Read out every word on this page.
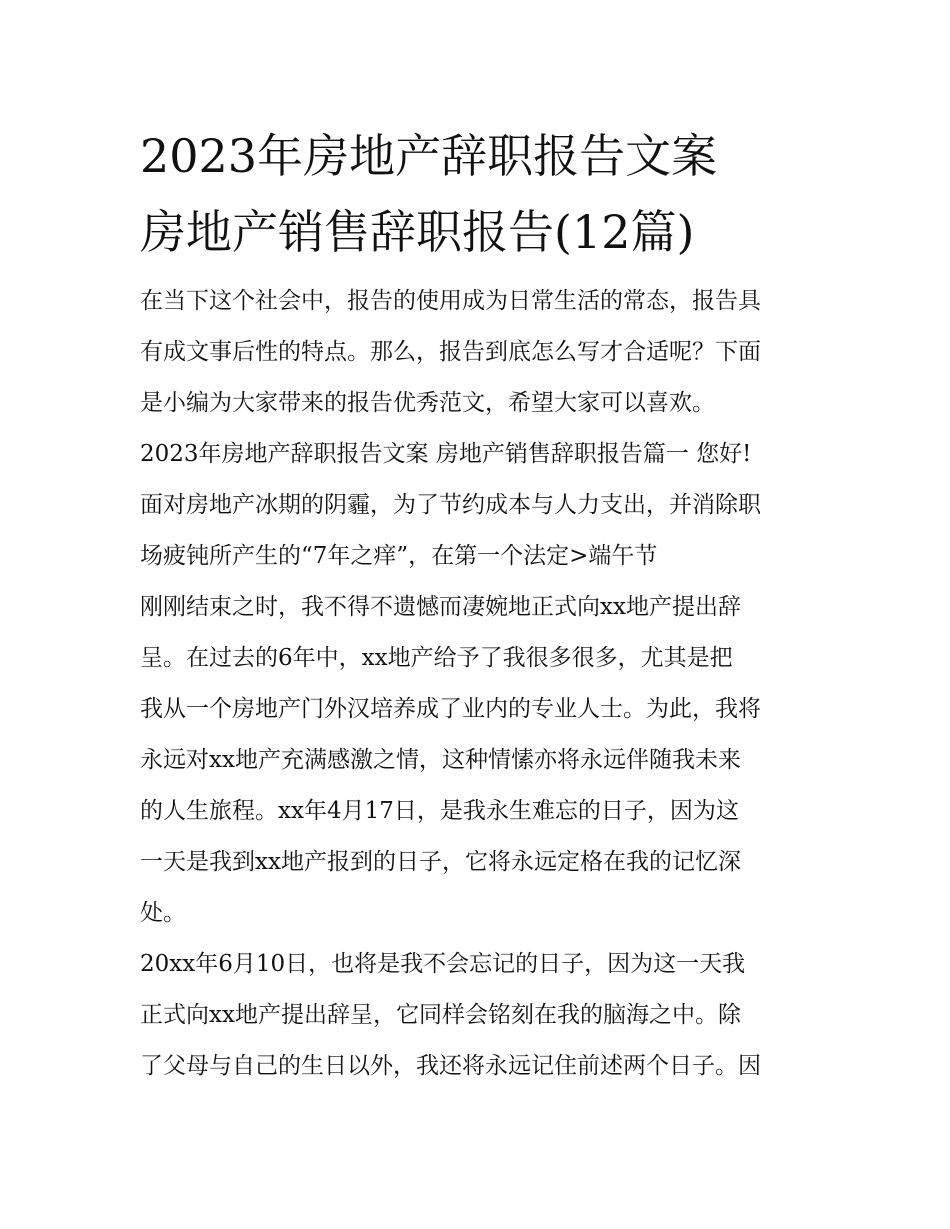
2023年房地产辞职报告文案
房地产销售辞职报告(12篇)
在当下这个社会中，报告的使用成为日常生活的常态，报告具
有成文事后性的特点。那么，报告到底怎么写才合适呢？下面
是小编为大家带来的报告优秀范文，希望大家可以喜欢。
2023年房地产辞职报告文案 房地产销售辞职报告篇一 您好!
面对房地产冰期的阴霾，为了节约成本与人力支出，并消除职
场疲钝所产生的“7年之痒”，在第一个法定>端午节
刚刚结束之时，我不得不遗憾而凄婉地正式向xx地产提出辞
呈。在过去的6年中，xx地产给予了我很多很多，尤其是把
我从一个房地产门外汉培养成了业内的专业人士。为此，我将
永远对xx地产充满感激之情，这种情愫亦将永远伴随我未来
的人生旅程。xx年4月17日，是我永生难忘的日子，因为这
一天是我到xx地产报到的日子，它将永远定格在我的记忆深
处。
20xx年6月10日，也将是我不会忘记的日子，因为这一天我
正式向xx地产提出辞呈，它同样会铭刻在我的脑海之中。除
了父母与自己的生日以外，我还将永远记住前述两个日子。因
